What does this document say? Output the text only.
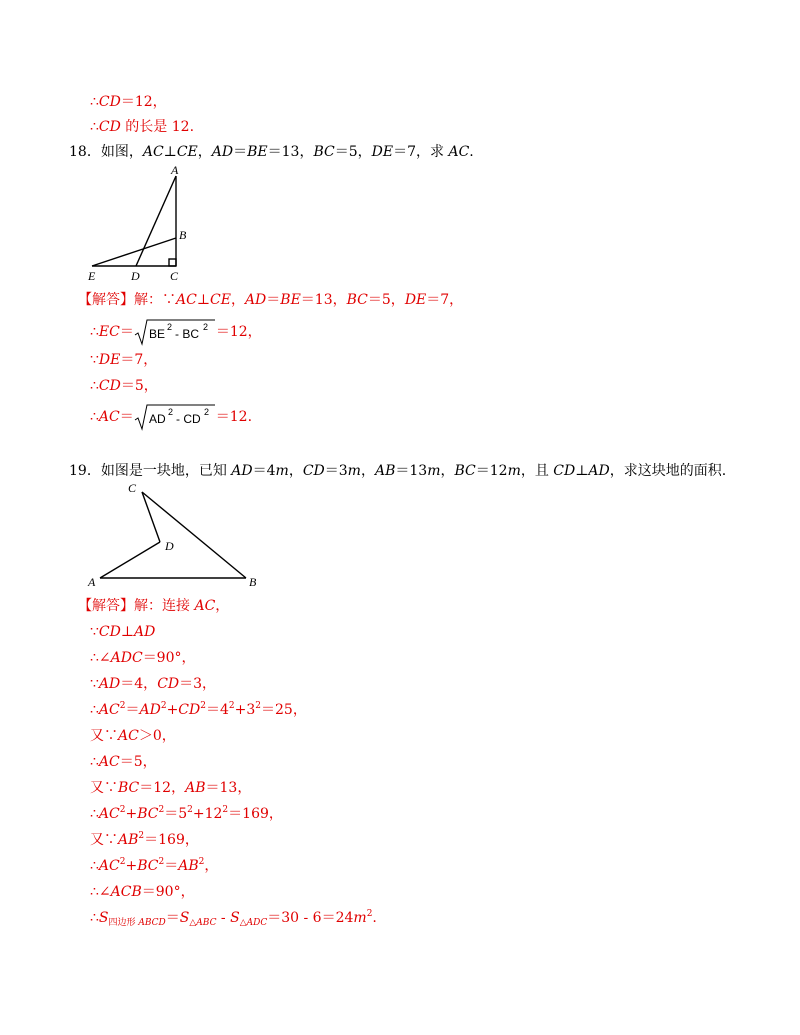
∴CD＝12，
∴CD 的长是 12.
18．如图，AC⊥CE，AD＝BE＝13，BC＝5，DE＝7，求 AC.
A
B
C
D
E
【解答】解：∵AC⊥CE，AD＝BE＝13，BC＝5，DE＝7，
∴EC＝ BE 2 - BC 2 ＝12，
∵DE＝7，
∴CD＝5，
∴AC＝ AD 2 - CD 2 ＝12.
19．如图是一块地，已知 AD＝4m，CD＝3m，AB＝13m，BC＝12m，且 CD⊥AD，求这块地的面积.
C
D
A	B
【解答】解：连接 AC，
∵CD⊥AD
∴∠ADC＝90°，
∵AD＝4，CD＝3，
$\therefore AC^2=AD^2+CD^2=4^2+3^2=25$，
又∵AC＞0，
∴AC＝5，
又∵BC＝12，AB＝13，
$\therefore AC^2+BC^2=5^2+12^2=169$，
又$\because AB^2=169$，
$\therefore AC^2+BC^2=AB^2$，
∴∠ACB＝90°，
$\therefore S_{四边形 ABCD}=S_{\triangle ABC} - S_{\triangle ADC}=30 - 6=24m^2$.
